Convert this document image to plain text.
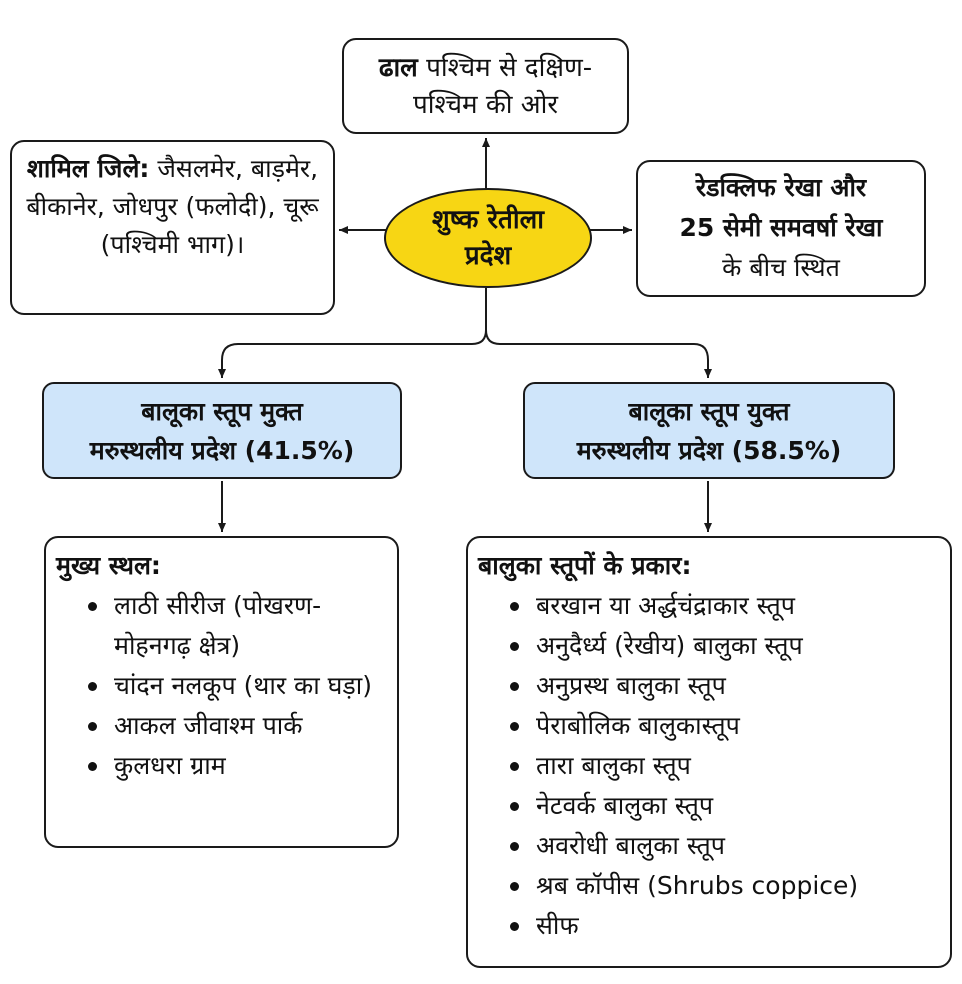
ढाल पश्चिम से दक्षिण-
पश्चिम की ओर
शामिल जिले: जैसलमेर, बाड़मेर, बीकानेर, जोधपुर (फलोदी), चूरू (पश्चिमी भाग)।
रेडक्लिफ रेखा और
25 सेमी समवर्षा रेखा
के बीच स्थित
शुष्क रेतीला
प्रदेश
बालूका स्तूप मुक्त
मरुस्थलीय प्रदेश (41.5%)
बालूका स्तूप युक्त
मरुस्थलीय प्रदेश (58.5%)
मुख्य स्थल:
लाठी सीरीज (पोखरण-मोहनगढ़ क्षेत्र)
चांदन नलकूप (थार का घड़ा)
आकल जीवाश्म पार्क
कुलधरा ग्राम
बालुका स्तूपों के प्रकार:
बरखान या अर्द्धचंद्राकार स्तूप
अनुदैर्ध्य (रेखीय) बालुका स्तूप
अनुप्रस्थ बालुका स्तूप
पेराबोलिक बालुकास्तूप
तारा बालुका स्तूप
नेटवर्क बालुका स्तूप
अवरोधी बालुका स्तूप
श्रब कॉपीस (Shrubs coppice)
सीफ
